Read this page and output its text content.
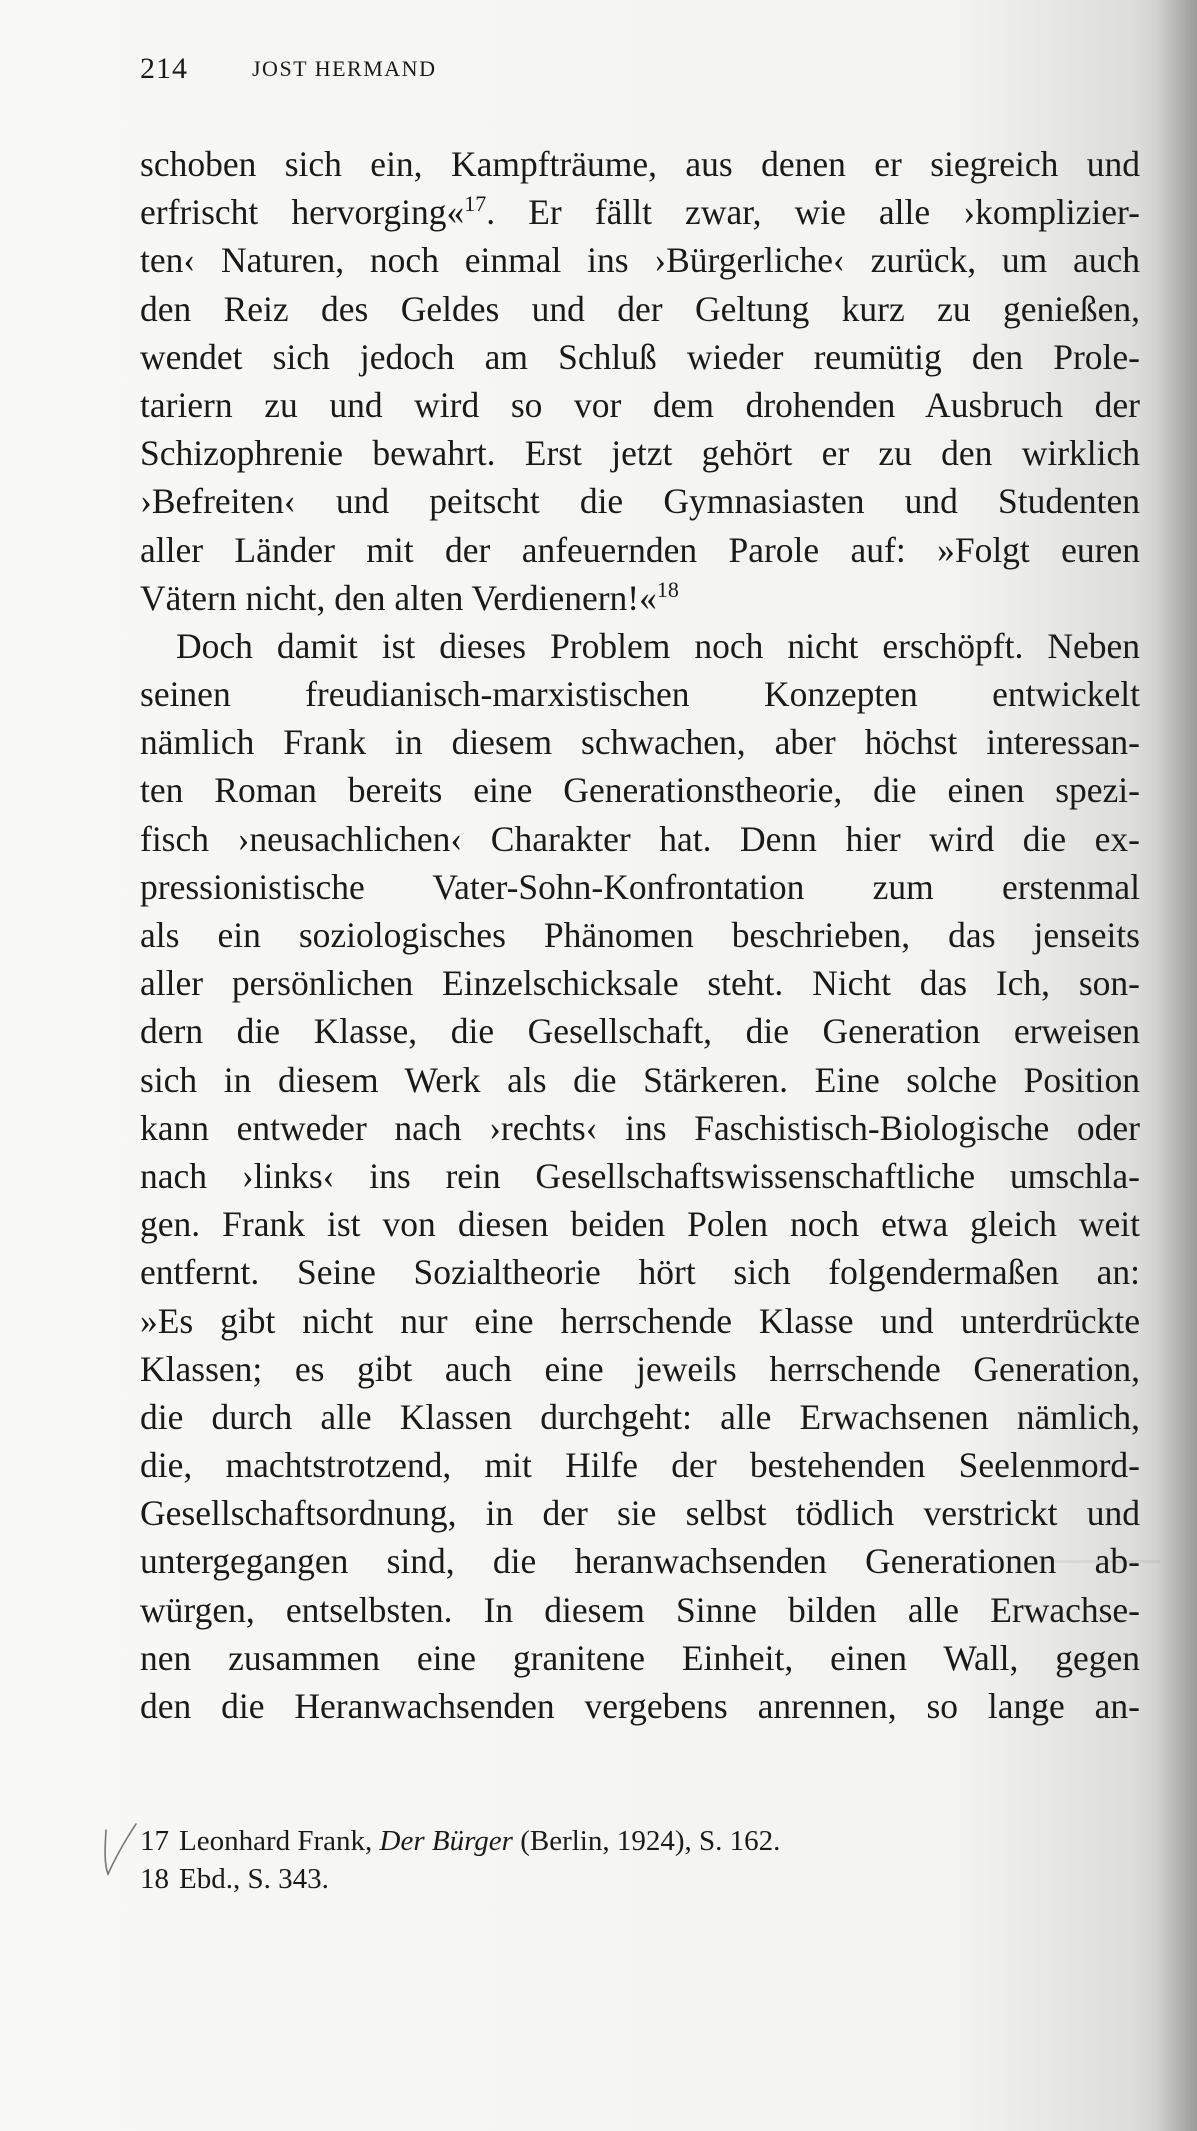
214	JOST HERMAND
schoben sich ein, Kampfträume, aus denen er siegreich und
erfrischt hervorging«$^{17}$. Er fällt zwar, wie alle ›komplizier-
ten‹ Naturen, noch einmal ins ›Bürgerliche‹ zurück, um auch
den Reiz des Geldes und der Geltung kurz zu genießen,
wendet sich jedoch am Schluß wieder reumütig den Prole-
tariern zu und wird so vor dem drohenden Ausbruch der
Schizophrenie bewahrt. Erst jetzt gehört er zu den wirklich
›Befreiten‹ und peitscht die Gymnasiasten und Studenten
aller Länder mit der anfeuernden Parole auf: »Folgt euren
Vätern nicht, den alten Verdienern!«$^{18}$
Doch damit ist dieses Problem noch nicht erschöpft. Neben
seinen freudianisch-marxistischen Konzepten entwickelt
nämlich Frank in diesem schwachen, aber höchst interessan-
ten Roman bereits eine Generationstheorie, die einen spezi-
fisch ›neusachlichen‹ Charakter hat. Denn hier wird die ex-
pressionistische Vater-Sohn-Konfrontation zum erstenmal
als ein soziologisches Phänomen beschrieben, das jenseits
aller persönlichen Einzelschicksale steht. Nicht das Ich, son-
dern die Klasse, die Gesellschaft, die Generation erweisen
sich in diesem Werk als die Stärkeren. Eine solche Position
kann entweder nach ›rechts‹ ins Faschistisch-Biologische oder
nach ›links‹ ins rein Gesellschaftswissenschaftliche umschla-
gen. Frank ist von diesen beiden Polen noch etwa gleich weit
entfernt. Seine Sozialtheorie hört sich folgendermaßen an:
»Es gibt nicht nur eine herrschende Klasse und unterdrückte
Klassen; es gibt auch eine jeweils herrschende Generation,
die durch alle Klassen durchgeht: alle Erwachsenen nämlich,
die, machtstrotzend, mit Hilfe der bestehenden Seelenmord-
Gesellschaftsordnung, in der sie selbst tödlich verstrickt und
untergegangen sind, die heranwachsenden Generationen ab-
würgen, entselbsten. In diesem Sinne bilden alle Erwachse-
nen zusammen eine granitene Einheit, einen Wall, gegen
den die Heranwachsenden vergebens anrennen, so lange an-
17 Leonhard Frank, Der Bürger (Berlin, 1924), S. 162.
18 Ebd., S. 343.
